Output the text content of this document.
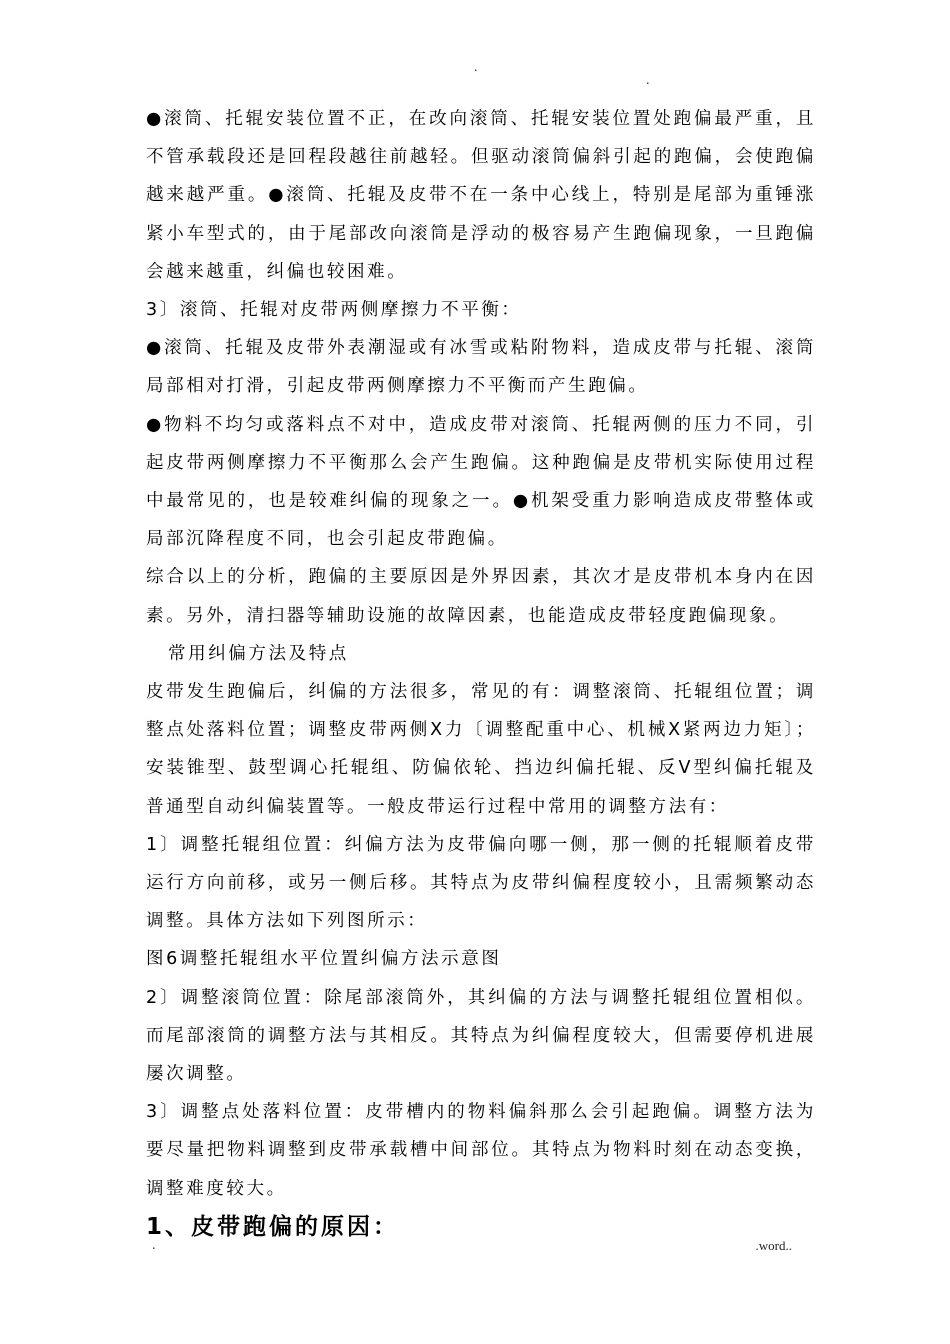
.
.

●滚筒、托辊安装位置不正，在改向滚筒、托辊安装位置处跑偏最严重，且不管承载段还是回程段越往前越轻。但驱动滚筒偏斜引起的跑偏，会使跑偏越来越严重。●滚筒、托辊及皮带不在一条中心线上，特别是尾部为重锤涨紧小车型式的，由于尾部改向滚筒是浮动的极容易产生跑偏现象，一旦跑偏会越来越重，纠偏也较困难。

3〕滚筒、托辊对皮带两侧摩擦力不平衡：

●滚筒、托辊及皮带外表潮湿或有冰雪或粘附物料，造成皮带与托辊、滚筒局部相对打滑，引起皮带两侧摩擦力不平衡而产生跑偏。

●物料不均匀或落料点不对中，造成皮带对滚筒、托辊两侧的压力不同，引起皮带两侧摩擦力不平衡那么会产生跑偏。这种跑偏是皮带机实际使用过程中最常见的，也是较难纠偏的现象之一。●机架受重力影响造成皮带整体或局部沉降程度不同，也会引起皮带跑偏。

综合以上的分析，跑偏的主要原因是外界因素，其次才是皮带机本身内在因素。另外，清扫器等辅助设施的故障因素，也能造成皮带轻度跑偏现象。

常用纠偏方法及特点

皮带发生跑偏后，纠偏的方法很多，常见的有：调整滚筒、托辊组位置；调整点处落料位置；调整皮带两侧X力〔调整配重中心、机械X紧两边力矩〕；安装锥型、鼓型调心托辊组、防偏依轮、挡边纠偏托辊、反V型纠偏托辊及普通型自动纠偏装置等。一般皮带运行过程中常用的调整方法有：

1〕调整托辊组位置：纠偏方法为皮带偏向哪一侧，那一侧的托辊顺着皮带运行方向前移，或另一侧后移。其特点为皮带纠偏程度较小，且需频繁动态调整。具体方法如下列图所示：

图6调整托辊组水平位置纠偏方法示意图

2〕调整滚筒位置：除尾部滚筒外，其纠偏的方法与调整托辊组位置相似。而尾部滚筒的调整方法与其相反。其特点为纠偏程度较大，但需要停机进展屡次调整。

3〕调整点处落料位置：皮带槽内的物料偏斜那么会引起跑偏。调整方法为要尽量把物料调整到皮带承载槽中间部位。其特点为物料时刻在动态变换，调整难度较大。

1、皮带跑偏的原因：
.	.word..
